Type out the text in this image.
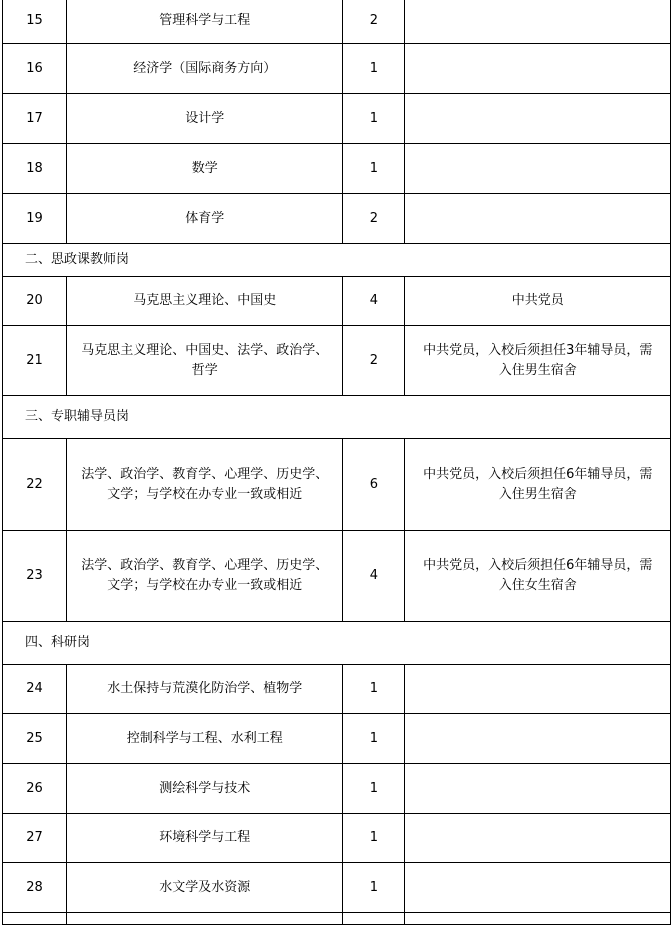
15	管理科学与工程	2	
16	经济学（国际商务方向）	1	
17	设计学	1	
18	数学	1	
19	体育学	2	
二、思政课教师岗			
20	马克思主义理论、中国史	4	中共党员
21	马克思主义理论、中国史、法学、政治学、哲学	2	中共党员，入校后须担任3年辅导员，需入住男生宿舍
三、专职辅导员岗			
22	法学、政治学、教育学、心理学、历史学、文学；与学校在办专业一致或相近	6	中共党员，入校后须担任6年辅导员，需入住男生宿舍
23	法学、政治学、教育学、心理学、历史学、文学；与学校在办专业一致或相近	4	中共党员，入校后须担任6年辅导员，需入住女生宿舍
四、科研岗			
24	水土保持与荒漠化防治学、植物学	1	
25	控制科学与工程、水利工程	1	
26	测绘科学与技术	1	
27	环境科学与工程	1	
28	水文学及水资源	1	
